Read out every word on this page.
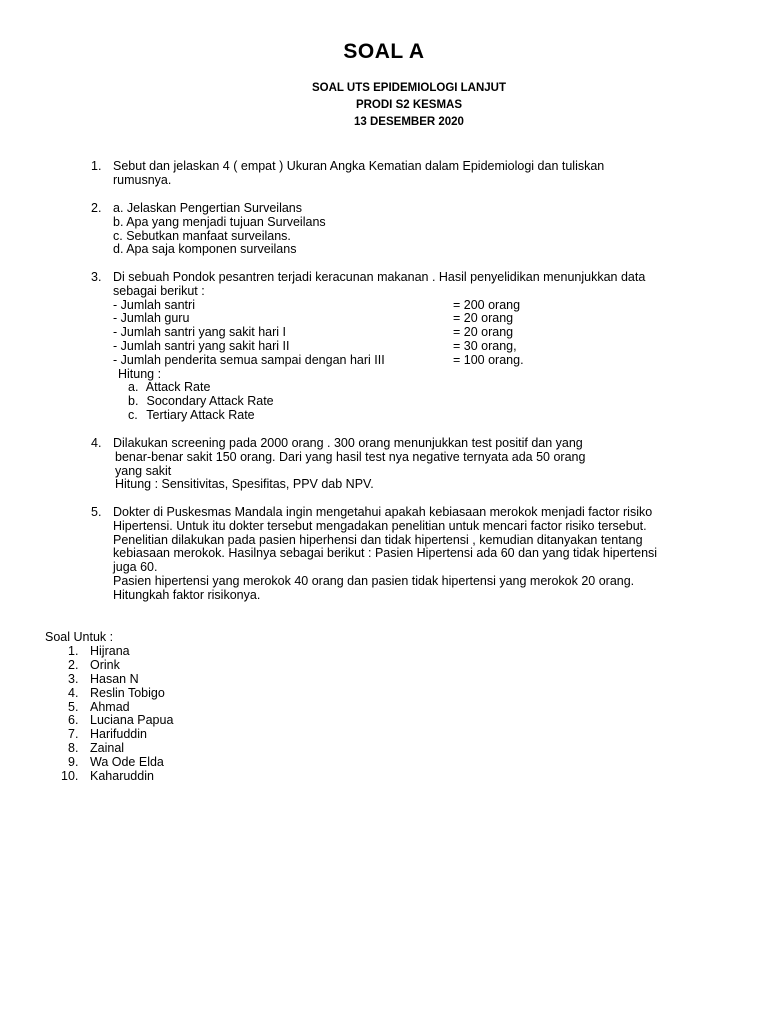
SOAL A
SOAL UTS EPIDEMIOLOGI LANJUT
PRODI S2 KESMAS
13 DESEMBER 2020
1. Sebut dan jelaskan 4 ( empat ) Ukuran Angka Kematian dalam Epidemiologi dan tuliskan
rumusnya.
2. a. Jelaskan Pengertian Surveilans
b. Apa yang menjadi tujuan Surveilans
c. Sebutkan manfaat surveilans.
d. Apa saja komponen surveilans
3. Di sebuah Pondok pesantren terjadi keracunan makanan . Hasil penyelidikan menunjukkan data
sebagai berikut :
- Jumlah santri	= 200 orang
- Jumlah guru	= 20 orang
- Jumlah santri yang sakit hari I	= 20 orang
- Jumlah santri yang sakit hari II	= 30 orang,
- Jumlah penderita semua sampai dengan hari III	= 100 orang.
Hitung :
a. Attack Rate
b. Socondary Attack Rate
c. Tertiary Attack Rate
4. Dilakukan screening pada 2000 orang . 300 orang menunjukkan test positif dan yang
benar-benar sakit 150 orang. Dari yang hasil test nya negative ternyata ada 50 orang
yang sakit
Hitung : Sensitivitas, Spesifitas, PPV dab NPV.
5. Dokter di Puskesmas Mandala ingin mengetahui apakah kebiasaan merokok menjadi factor risiko
Hipertensi. Untuk itu dokter tersebut mengadakan penelitian untuk mencari factor risiko tersebut.
Penelitian dilakukan pada pasien hiperhensi dan tidak hipertensi , kemudian ditanyakan tentang
kebiasaan merokok. Hasilnya sebagai berikut : Pasien Hipertensi ada 60 dan yang tidak hipertensi
juga 60.
Pasien hipertensi yang merokok 40 orang dan pasien tidak hipertensi yang merokok 20 orang.
Hitungkah faktor risikonya.
Soal Untuk :
1. Hijrana
2. Orink
3. Hasan N
4. Reslin Tobigo
5. Ahmad
6. Luciana Papua
7. Harifuddin
8. Zainal
9. Wa Ode Elda
10. Kaharuddin
